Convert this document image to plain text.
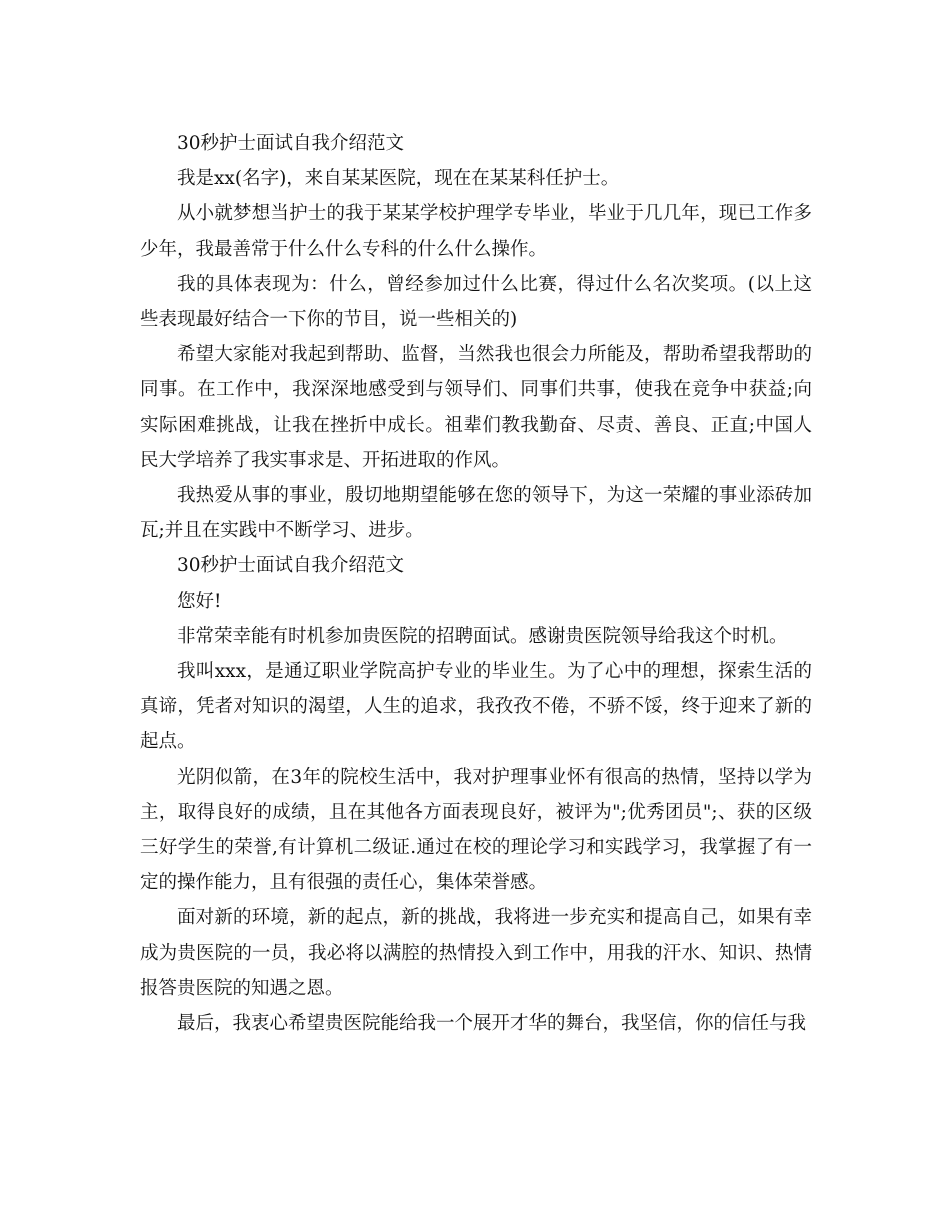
30秒护士面试自我介绍范文

我是xx(名字)，来自某某医院，现在在某某科任护士。

从小就梦想当护士的我于某某学校护理学专毕业，毕业于几几年，现已工作多少年，我最善常于什么什么专科的什么什么操作。

我的具体表现为：什么，曾经参加过什么比赛，得过什么名次奖项。(以上这些表现最好结合一下你的节目，说一些相关的)

希望大家能对我起到帮助、监督，当然我也很会力所能及，帮助希望我帮助的同事。在工作中，我深深地感受到与领导们、同事们共事，使我在竞争中获益;向实际困难挑战，让我在挫折中成长。祖辈们教我勤奋、尽责、善良、正直;中国人民大学培养了我实事求是、开拓进取的作风。

我热爱从事的事业，殷切地期望能够在您的领导下，为这一荣耀的事业添砖加瓦;并且在实践中不断学习、进步。

30秒护士面试自我介绍范文

您好!

非常荣幸能有时机参加贵医院的招聘面试。感谢贵医院领导给我这个时机。

我叫xxx，是通辽职业学院高护专业的毕业生。为了心中的理想，探索生活的真谛，凭者对知识的渴望，人生的追求，我孜孜不倦，不骄不馁，终于迎来了新的起点。

光阴似箭，在3年的院校生活中，我对护理事业怀有很高的热情，坚持以学为主，取得良好的成绩，且在其他各方面表现良好，被评为";优秀团员";、获的区级三好学生的荣誉,有计算机二级证.通过在校的理论学习和实践学习，我掌握了有一定的操作能力，且有很强的责任心，集体荣誉感。

面对新的环境，新的起点，新的挑战，我将进一步充实和提高自己，如果有幸成为贵医院的一员，我必将以满腔的热情投入到工作中，用我的汗水、知识、热情报答贵医院的知遇之恩。

最后，我衷心希望贵医院能给我一个展开才华的舞台，我坚信，你的信任与我
